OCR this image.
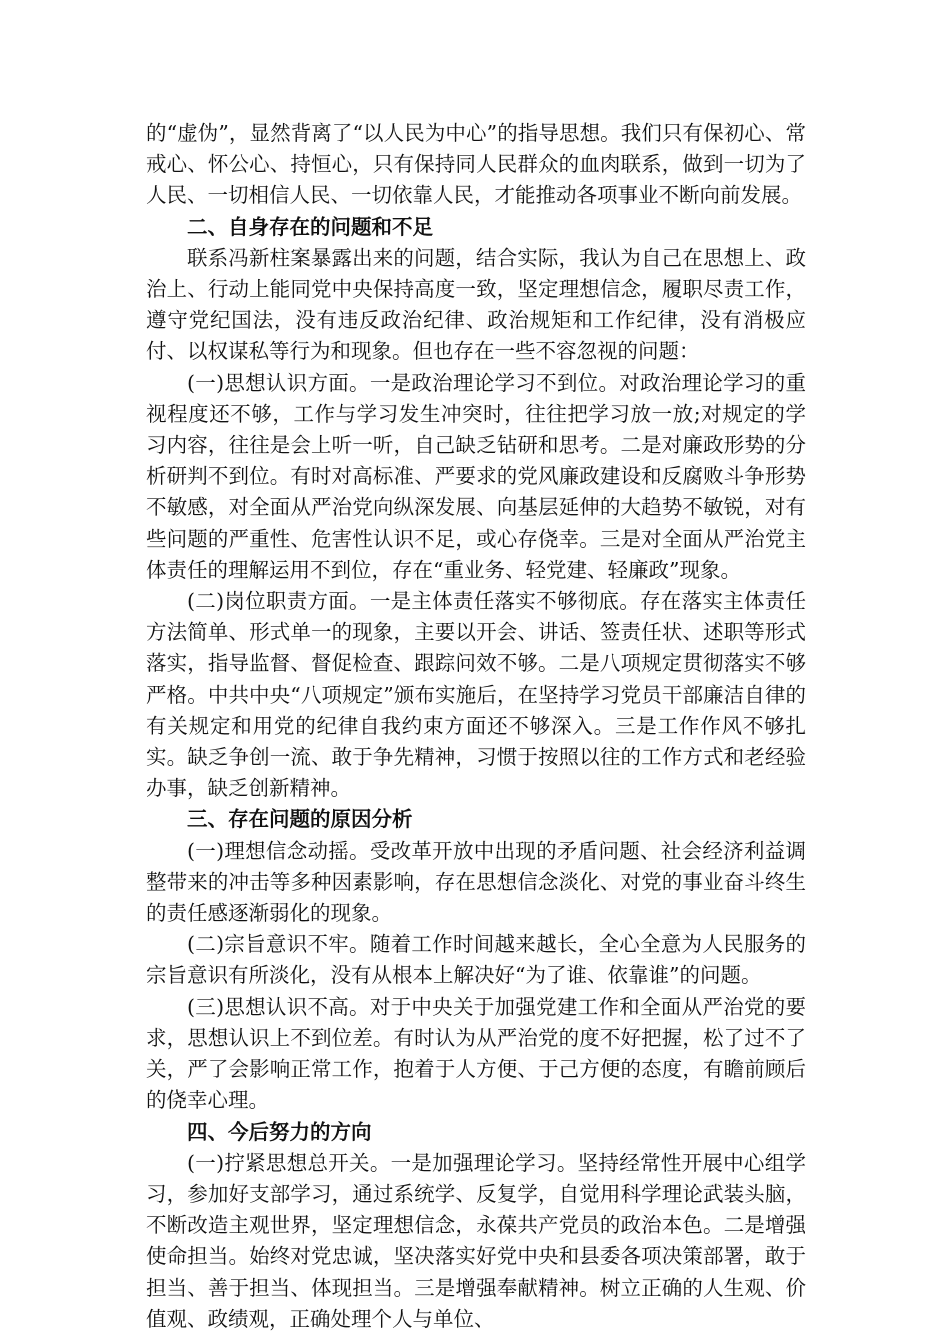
的“虚伪”，显然背离了“以人民为中心”的指导思想。我们只有保初心、常戒心、怀公心、持恒心，只有保持同人民群众的血肉联系，做到一切为了人民、一切相信人民、一切依靠人民，才能推动各项事业不断向前发展。

二、自身存在的问题和不足

联系冯新柱案暴露出来的问题，结合实际，我认为自己在思想上、政治上、行动上能同党中央保持高度一致，坚定理想信念，履职尽责工作，遵守党纪国法，没有违反政治纪律、政治规矩和工作纪律，没有消极应付、以权谋私等行为和现象。但也存在一些不容忽视的问题：

(一)思想认识方面。一是政治理论学习不到位。对政治理论学习的重视程度还不够，工作与学习发生冲突时，往往把学习放一放;对规定的学习内容，往往是会上听一听，自己缺乏钻研和思考。二是对廉政形势的分析研判不到位。有时对高标准、严要求的党风廉政建设和反腐败斗争形势不敏感，对全面从严治党向纵深发展、向基层延伸的大趋势不敏锐，对有些问题的严重性、危害性认识不足，或心存侥幸。三是对全面从严治党主体责任的理解运用不到位，存在“重业务、轻党建、轻廉政”现象。

(二)岗位职责方面。一是主体责任落实不够彻底。存在落实主体责任方法简单、形式单一的现象，主要以开会、讲话、签责任状、述职等形式落实，指导监督、督促检查、跟踪问效不够。二是八项规定贯彻落实不够严格。中共中央“八项规定”颁布实施后，在坚持学习党员干部廉洁自律的有关规定和用党的纪律自我约束方面还不够深入。三是工作作风不够扎实。缺乏争创一流、敢于争先精神，习惯于按照以往的工作方式和老经验办事，缺乏创新精神。

三、存在问题的原因分析

(一)理想信念动摇。受改革开放中出现的矛盾问题、社会经济利益调整带来的冲击等多种因素影响，存在思想信念淡化、对党的事业奋斗终生的责任感逐渐弱化的现象。

(二)宗旨意识不牢。随着工作时间越来越长，全心全意为人民服务的宗旨意识有所淡化，没有从根本上解决好“为了谁、依靠谁”的问题。

(三)思想认识不高。对于中央关于加强党建工作和全面从严治党的要求，思想认识上不到位差。有时认为从严治党的度不好把握，松了过不了关，严了会影响正常工作，抱着于人方便、于己方便的态度，有瞻前顾后的侥幸心理。

四、今后努力的方向

(一)拧紧思想总开关。一是加强理论学习。坚持经常性开展中心组学习，参加好支部学习，通过系统学、反复学，自觉用科学理论武装头脑，不断改造主观世界，坚定理想信念，永葆共产党员的政治本色。二是增强使命担当。始终对党忠诚，坚决落实好党中央和县委各项决策部署，敢于担当、善于担当、体现担当。三是增强奉献精神。树立正确的人生观、价值观、政绩观，正确处理个人与单位、
